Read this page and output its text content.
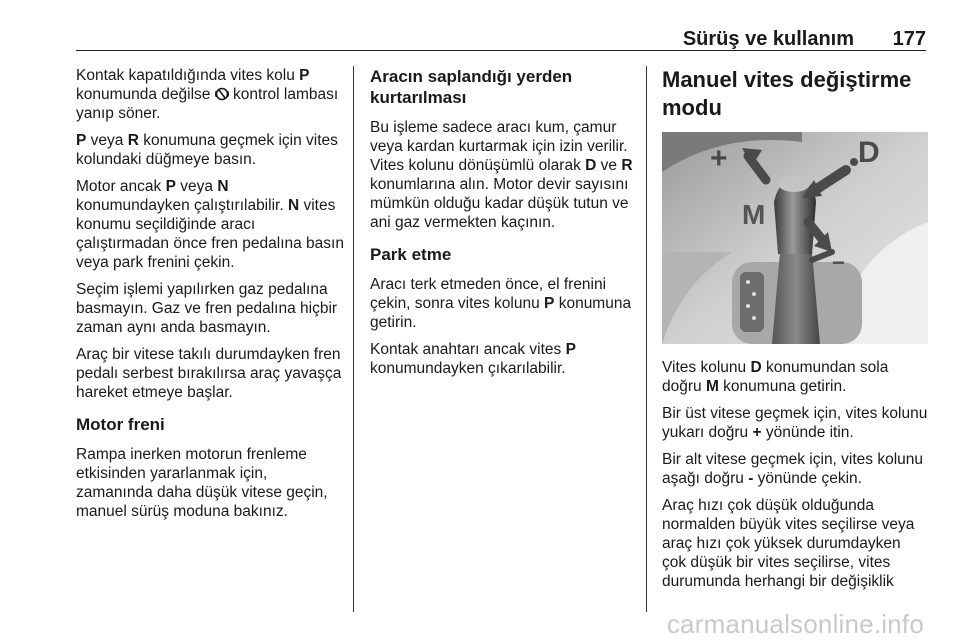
Sürüş ve kullanım 177

Kontak kapatıldığında vites kolu P konumunda değilse  kontrol lambası yanıp söner.

P veya R konumuna geçmek için vites kolundaki düğmeye basın.

Motor ancak P veya N konumundayken çalıştırılabilir. N vites konumu seçildiğinde aracı çalıştırmadan önce fren pedalına basın veya park frenini çekin.

Seçim işlemi yapılırken gaz pedalına basmayın. Gaz ve fren pedalına hiçbir zaman aynı anda basmayın.

Araç bir vitese takılı durumdayken fren pedalı serbest bırakılırsa araç yavaşça hareket etmeye başlar.

Motor freni

Rampa inerken motorun frenleme etkisinden yararlanmak için, zamanında daha düşük vitese geçin, manuel sürüş moduna bakınız.

Aracın saplandığı yerden kurtarılması

Bu işleme sadece aracı kum, çamur veya kardan kurtarmak için izin verilir. Vites kolunu dönüşümlü olarak D ve R konumlarına alın. Motor devir sayısını mümkün olduğu kadar düşük tutun ve ani gaz vermekten kaçının.

Park etme

Aracı terk etmeden önce, el frenini çekin, sonra vites kolunu P konumuna getirin.

Kontak anahtarı ancak vites P konumundayken çıkarılabilir.

Manuel vites değiştirme modu
+	D
M
−

Vites kolunu D konumundan sola doğru M konumuna getirin.

Bir üst vitese geçmek için, vites kolunu yukarı doğru + yönünde itin.

Bir alt vitese geçmek için, vites kolunu aşağı doğru - yönünde çekin.

Araç hızı çok düşük olduğunda normalden büyük vites seçilirse veya araç hızı çok yüksek durumdayken çok düşük bir vites seçilirse, vites durumunda herhangi bir değişiklik

carmanualsonline.info
